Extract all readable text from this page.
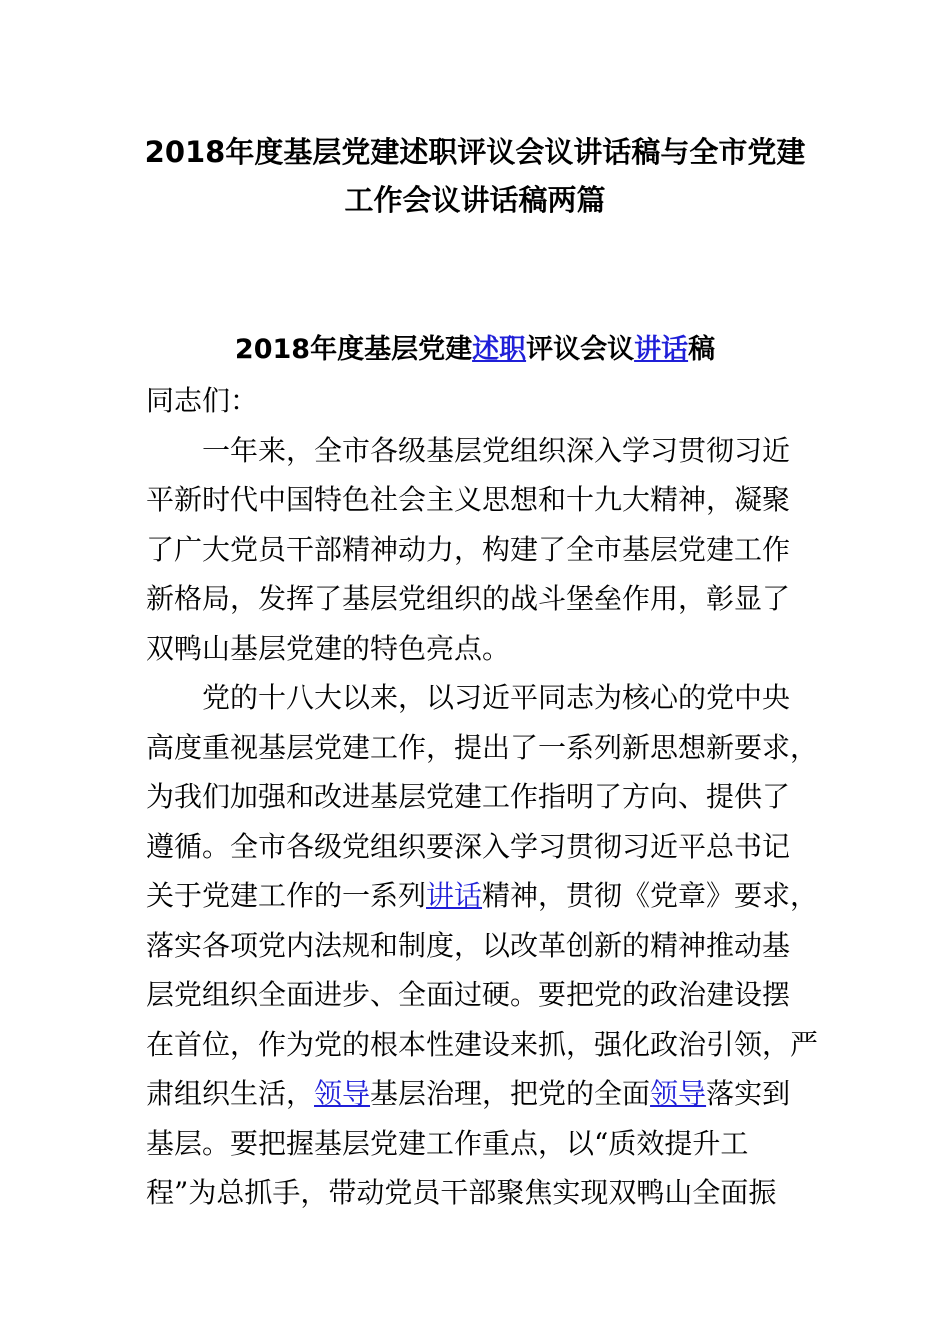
2018年度基层党建述职评议会议讲话稿与全市党建
工作会议讲话稿两篇
2018年度基层党建述职评议会议讲话稿
同志们：
一年来，全市各级基层党组织深入学习贯彻习近
平新时代中国特色社会主义思想和十九大精神，凝聚
了广大党员干部精神动力，构建了全市基层党建工作
新格局，发挥了基层党组织的战斗堡垒作用，彰显了
双鸭山基层党建的特色亮点。
党的十八大以来，以习近平同志为核心的党中央
高度重视基层党建工作，提出了一系列新思想新要求，
为我们加强和改进基层党建工作指明了方向、提供了
遵循。全市各级党组织要深入学习贯彻习近平总书记
关于党建工作的一系列讲话精神，贯彻《党章》要求，
落实各项党内法规和制度，以改革创新的精神推动基
层党组织全面进步、全面过硬。要把党的政治建设摆
在首位，作为党的根本性建设来抓，强化政治引领，严
肃组织生活，领导基层治理，把党的全面领导落实到
基层。要把握基层党建工作重点，以“质效提升工
程”为总抓手，带动党员干部聚焦实现双鸭山全面振
